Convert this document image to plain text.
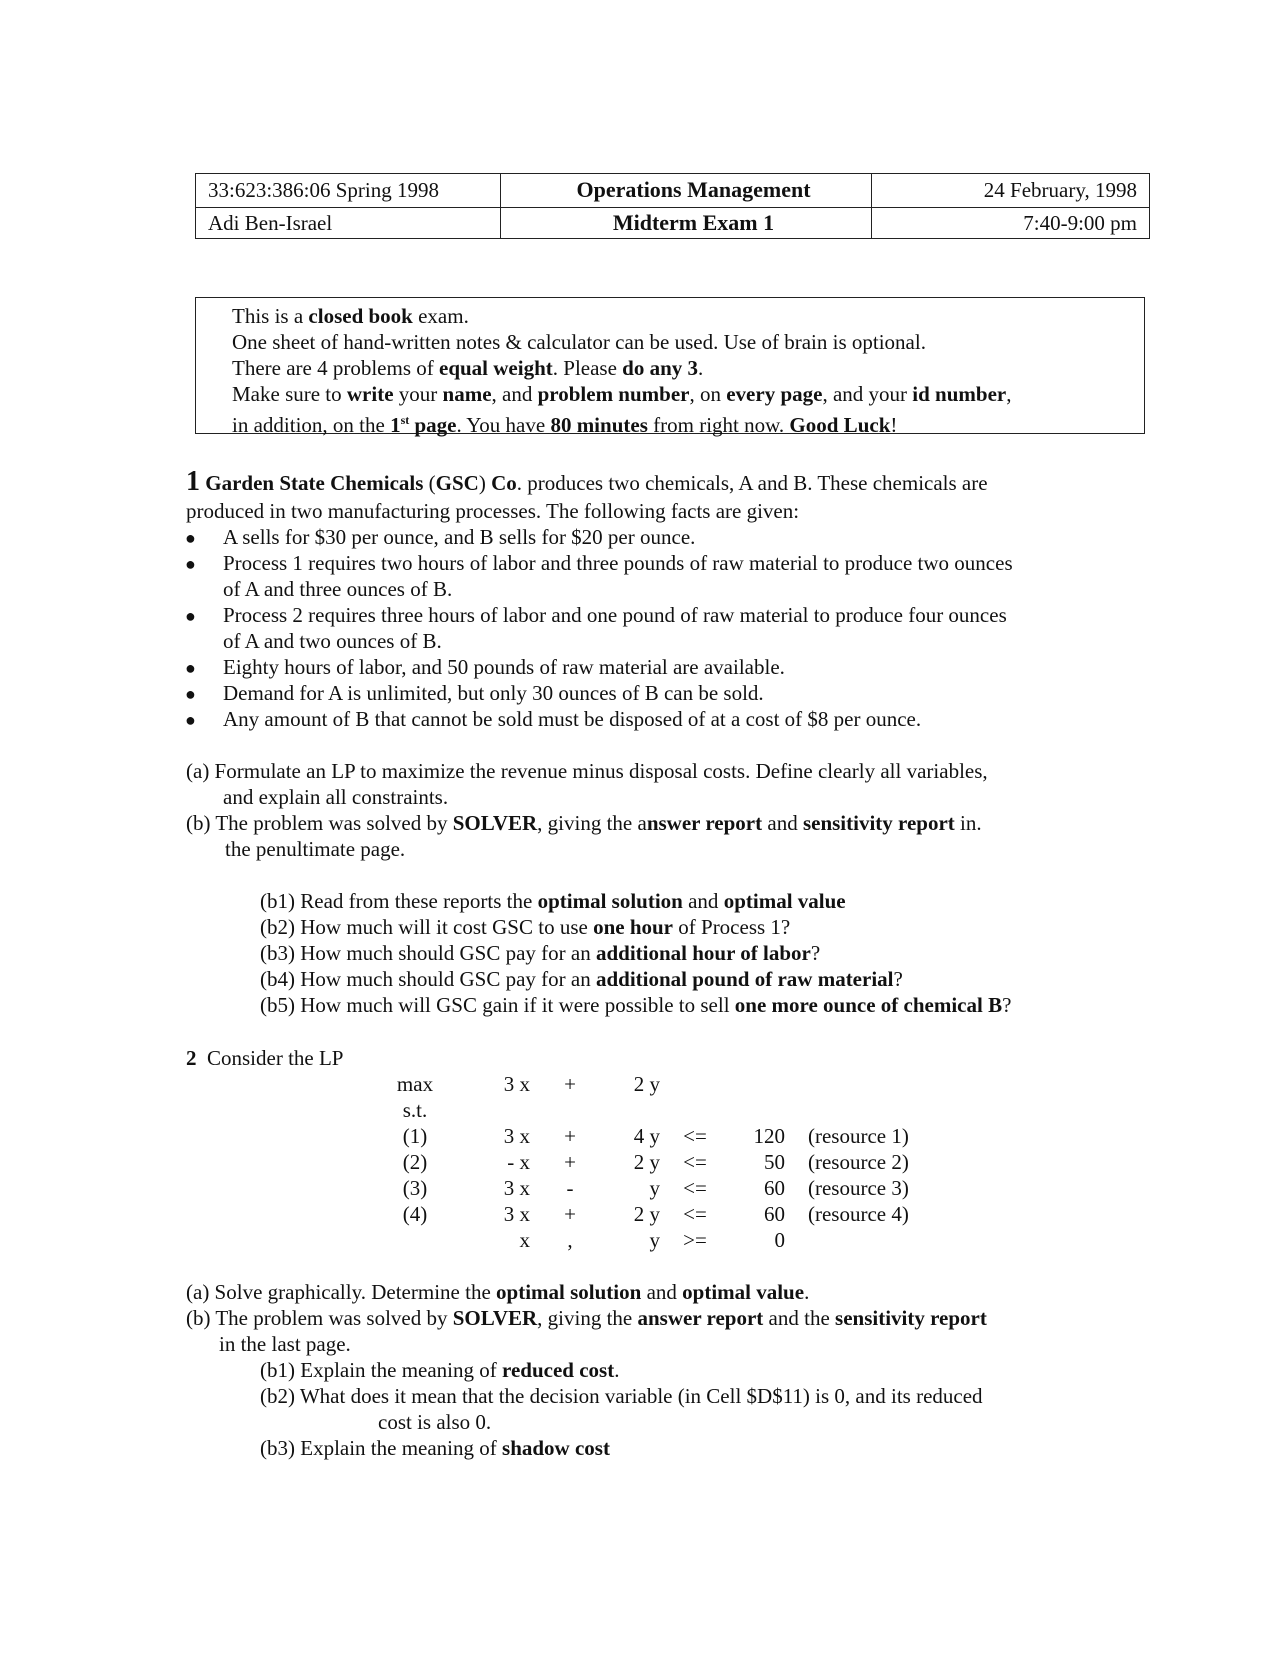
33:623:386:06 Spring 1998	Operations Management	24 February, 1998
Adi Ben-Israel	Midterm Exam 1	7:40-9:00 pm
This is a closed book exam.
One sheet of hand-written notes & calculator can be used. Use of brain is optional.
There are 4 problems of equal weight. Please do any 3.
Make sure to write your name, and problem number, on every page, and your id number,
in addition, on the 1st page. You have 80 minutes from right now. Good Luck!
1 Garden State Chemicals (GSC) Co. produces two chemicals, A and B. These chemicals are
produced in two manufacturing processes. The following facts are given:
● A sells for $30 per ounce, and B sells for $20 per ounce.
● Process 1 requires two hours of labor and three pounds of raw material to produce two ounces
of A and three ounces of B.
● Process 2 requires three hours of labor and one pound of raw material to produce four ounces
of A and two ounces of B.
● Eighty hours of labor, and 50 pounds of raw material are available.
● Demand for A is unlimited, but only 30 ounces of B can be sold.
● Any amount of B that cannot be sold must be disposed of at a cost of $8 per ounce.
(a) Formulate an LP to maximize the revenue minus disposal costs. Define clearly all variables,
and explain all constraints.
(b) The problem was solved by SOLVER, giving the answer report and sensitivity report in.
the penultimate page.
(b1) Read from these reports the optimal solution and optimal value
(b2) How much will it cost GSC to use one hour of Process 1?
(b3) How much should GSC pay for an additional hour of labor?
(b4) How much should GSC pay for an additional pound of raw material?
(b5) How much will GSC gain if it were possible to sell one more ounce of chemical B?
2 Consider the LP
max	3 x	+	2 y
s.t.
(1)	3 x	+	4 y	<=	120 (resource 1)
(2)	- x	+	2 y	<=	50 (resource 2)
(3)	3 x	-	y	<=	60 (resource 3)
(4)	3 x	+	2 y	<=	60 (resource 4)
x	,	y	>=	0
(a) Solve graphically. Determine the optimal solution and optimal value.
(b) The problem was solved by SOLVER, giving the answer report and the sensitivity report
in the last page.
(b1) Explain the meaning of reduced cost.
(b2) What does it mean that the decision variable (in Cell $D$11) is 0, and its reduced
cost is also 0.
(b3) Explain the meaning of shadow cost
